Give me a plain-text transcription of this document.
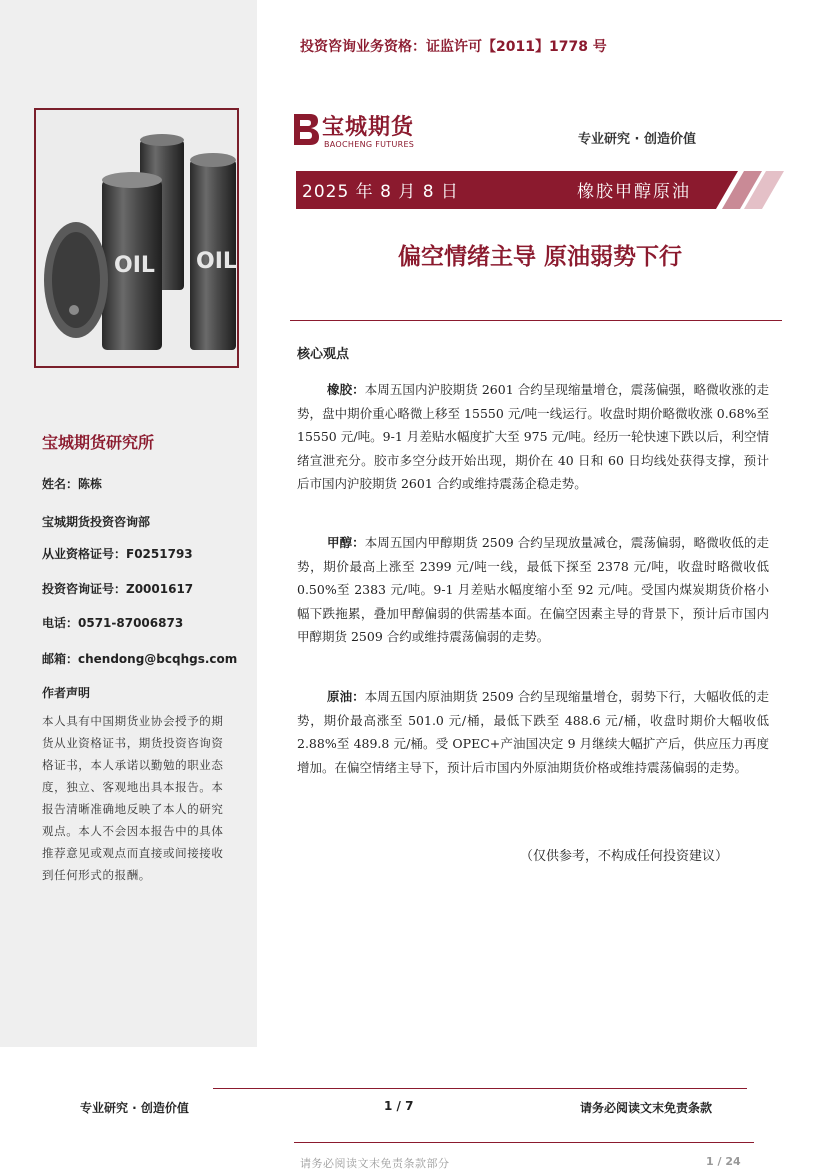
OIL OIL
宝城期货研究所
姓名：陈栋
宝城期货投资咨询部
从业资格证号：F0251793
投资咨询证号：Z0001617
电话：0571-87006873
邮箱：chendong@bcqhgs.com
作者声明
本人具有中国期货业协会授予的期货从业资格证书，期货投资咨询资格证书，本人承诺以勤勉的职业态度，独立、客观地出具本报告。本报告清晰准确地反映了本人的研究观点。本人不会因本报告中的具体推荐意见或观点而直接或间接接收到任何形式的报酬。
投资咨询业务资格：证监许可【2011】1778 号
宝城期货
BAOCHENG FUTURES	专业研究 · 创造价值
2025 年 8 月 8 日	橡胶甲醇原油
偏空情绪主导 原油弱势下行
核心观点
橡胶：本周五国内沪胶期货 2601 合约呈现缩量增仓，震荡偏强，略微收涨的走势，盘中期价重心略微上移至 15550 元/吨一线运行。收盘时期价略微收涨 0.68%至 15550 元/吨。9-1 月差贴水幅度扩大至 975 元/吨。经历一轮快速下跌以后，利空情绪宣泄充分。胶市多空分歧开始出现，期价在 40 日和 60 日均线处获得支撑，预计后市国内沪胶期货 2601 合约或维持震荡企稳走势。
甲醇：本周五国内甲醇期货 2509 合约呈现放量减仓，震荡偏弱，略微收低的走势，期价最高上涨至 2399 元/吨一线，最低下探至 2378 元/吨，收盘时略微收低 0.50%至 2383 元/吨。9-1 月差贴水幅度缩小至 92 元/吨。受国内煤炭期货价格小幅下跌拖累，叠加甲醇偏弱的供需基本面。在偏空因素主导的背景下，预计后市国内甲醇期货 2509 合约或维持震荡偏弱的走势。
原油：本周五国内原油期货 2509 合约呈现缩量增仓，弱势下行，大幅收低的走势，期价最高涨至 501.0 元/桶，最低下跌至 488.6 元/桶，收盘时期价大幅收低 2.88%至 489.8 元/桶。受 OPEC+产油国决定 9 月继续大幅扩产后，供应压力再度增加。在偏空情绪主导下，预计后市国内外原油期货价格或维持震荡偏弱的走势。
（仅供参考，不构成任何投资建议）
专业研究 · 创造价值	1 / 7	请务必阅读文末免责条款
请务必阅读文末免责条款部分	1 / 24
